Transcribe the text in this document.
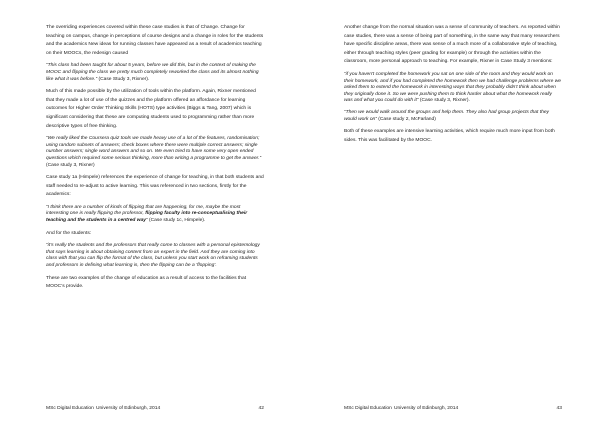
The overriding experiences covered within these case studies is that of Change. Change for teaching on campus, change in perceptions of course designs and a change in roles for the students and the academics New ideas for running classes have appeared as a result of academics teaching on their MOOCs, the redesign caused

“This class had been taught for about 5 years, before we did this, but in the context of making the MOOC and flipping the class we pretty much completely reworked the class and its almost nothing like what it was before.” (Case Study 3, Rixner).

Much of this made possible by the utilization of tools within the platform. Again, Rixner mentioned that they made a lot of use of the quizzes and the platform offered an affordance for learning outcomes for Higher Order Thinking Skills (HOTS) type activities (Biggs & Tang, 2007) which is significant considering that these are computing students used to programming rather than more descriptive types of free thinking.

“We really liked the Coursera quiz tools we made heavy use of a lot of the features, randomisation; using random subsets of answers; check boxes where there were multiple correct answers; single number answers; single word answers and so on. We even tried to have some very open ended questions which required some serious thinking, more than writing a programme to get the answer.” (Case study 3, Rixner)

Case study 1a (Himpele) references the experience of change for teaching, in that both students and staff needed to re-adjust to active learning. This was referenced in two sections, firstly for the academics:

“I think there are a number of kinds of flipping that are happening, for me, maybe the most interesting one is really flipping the professor, flipping faculty into re-conceptualising their teaching and the students in a centred way” (Case study 1c, Himpele).

And for the students:

“it’s really the students and the professors that really come to classes with a personal epistemology that says learning is about obtaining content from an expert in the field. And they are coming into class with that you can flip the format of the class, but unless you start work on reframing students and professors in defining what learning is, then the flipping can be a ‘flopping’.

These are two examples of the change of education as a result of access to the facilities that MOOC’s provide.

MSc Digital Education University of Edinburgh, 2014	42

Another change from the normal situation was a sense of community of teachers. As reported within case studies, there was a sense of being part of something, in the same way that many researchers have specific discipline areas, there was sense of a much more of a collaborative style of teaching, either through teaching styles (peer grading for example) or through the activities within the classroom, more personal approach to teaching. For example, Rixner in Case Study 3 mentions:

“if you haven't completed the homework you sat on one side of the room and they would work on their homework, and if you had completed the homework then we had challenge problems where we asked them to extend the homework in interesting ways that they probably didn't think about when they originally done it. So we were pushing them to think harder about what the homework really was and what you could do with it” (Case study 3, Rixner).

“Then we would walk around the groups and help them. They also had group projects that they would work on” (Case study 2, McFarland)

Both of these examples are intensive learning activities, which require much more input from both sides. This was facilitated by the MOOC.

MSc Digital Education University of Edinburgh, 2014	43
